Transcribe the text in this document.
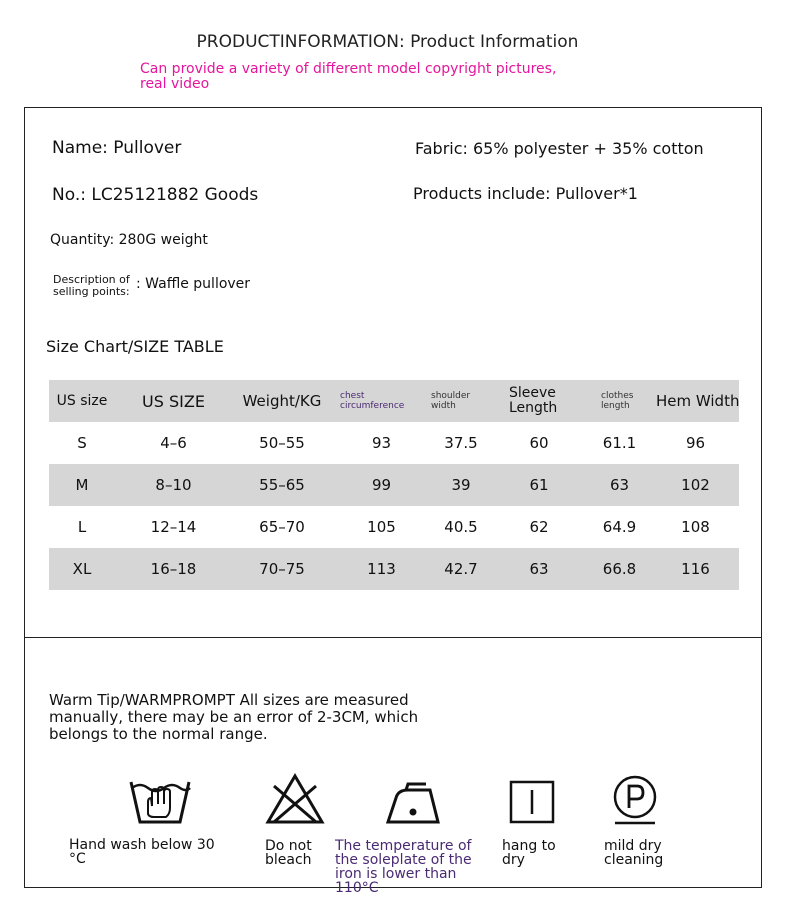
PRODUCTINFORMATION: Product Information
Can provide a variety of different model copyright pictures, real video
Name: Pullover	Fabric: 65% polyester + 35% cotton
No.: LC25121882 Goods	Products include: Pullover*1
Quantity: 280G weight
Description of
selling points: : Waffle pullover
Size Chart/SIZE TABLE
US size	US SIZE	Weight/KG	chest circumference	shoulder width	Sleeve Length	clothes length	Hem Width
S	4–6	50–55	93	37.5	60	61.1	96
M	8–10	55–65	99	39	61	63	102
L	12–14	65–70	105	40.5	62	64.9	108
XL	16–18	70–75	113	42.7	63	66.8	116
Warm Tip/WARMPROMPT All sizes are measured manually, there may be an error of 2-3CM, which belongs to the normal range.
Hand wash below 30 °C
Do not bleach
The temperature of the soleplate of the iron is lower than 110°C
hang to dry
mild dry cleaning
